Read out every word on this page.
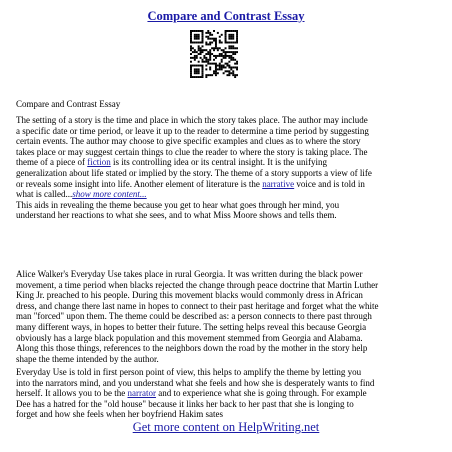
Compare and Contrast Essay
Compare and Contrast Essay
The setting of a story is the time and place in which the story takes place. The author may include
a specific date or time period, or leave it up to the reader to determine a time period by suggesting
certain events. The author may choose to give specific examples and clues as to where the story
takes place or may suggest certain things to clue the reader to where the story is taking place. The
theme of a piece of fiction is its controlling idea or its central insight. It is the unifying
generalization about life stated or implied by the story. The theme of a story supports a view of life
or reveals some insight into life. Another element of literature is the narrative voice and is told in
what is called...show more content...
This aids in revealing the theme because you get to hear what goes through her mind, you
understand her reactions to what she sees, and to what Miss Moore shows and tells them.
Alice Walker's Everyday Use takes place in rural Georgia. It was written during the black power
movement, a time period when blacks rejected the change through peace doctrine that Martin Luther
King Jr. preached to his people. During this movement blacks would commonly dress in African
dress, and change there last name in hopes to connect to their past heritage and forget what the white
man "forced" upon them. The theme could be described as: a person connects to there past through
many different ways, in hopes to better their future. The setting helps reveal this because Georgia
obviously has a large black population and this movement stemmed from Georgia and Alabama.
Along this those things, references to the neighbors down the road by the mother in the story help
shape the theme intended by the author.
Everyday Use is told in first person point of view, this helps to amplify the theme by letting you
into the narrators mind, and you understand what she feels and how she is desperately wants to find
herself. It allows you to be the narrator and to experience what she is going through. For example
Dee has a hatred for the "old house" because it links her back to her past that she is longing to
forget and how she feels when her boyfriend Hakim sates
Get more content on HelpWriting.net
